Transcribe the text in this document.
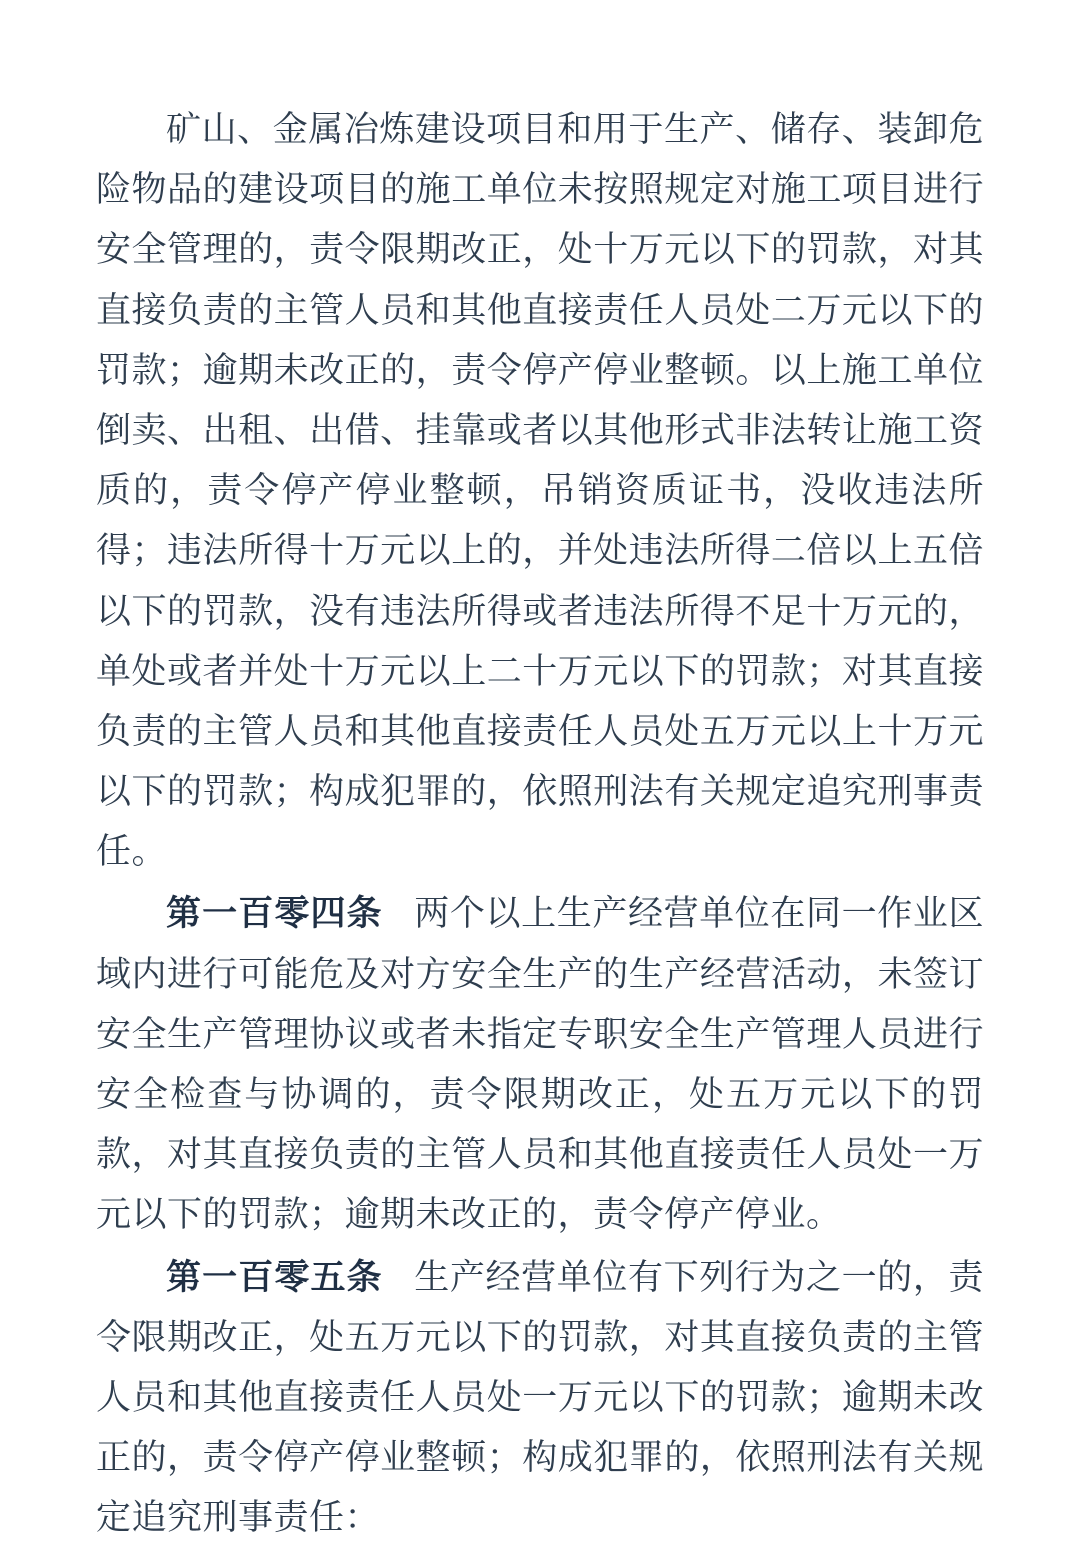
矿山、金属冶炼建设项目和用于生产、储存、装卸危险物品的建设项目的施工单位未按照规定对施工项目进行安全管理的，责令限期改正，处十万元以下的罚款，对其直接负责的主管人员和其他直接责任人员处二万元以下的罚款；逾期未改正的，责令停产停业整顿。以上施工单位倒卖、出租、出借、挂靠或者以其他形式非法转让施工资质的，责令停产停业整顿，吊销资质证书，没收违法所得；违法所得十万元以上的，并处违法所得二倍以上五倍以下的罚款，没有违法所得或者违法所得不足十万元的，单处或者并处十万元以上二十万元以下的罚款；对其直接负责的主管人员和其他直接责任人员处五万元以上十万元以下的罚款；构成犯罪的，依照刑法有关规定追究刑事责任。

第一百零四条 两个以上生产经营单位在同一作业区域内进行可能危及对方安全生产的生产经营活动，未签订安全生产管理协议或者未指定专职安全生产管理人员进行安全检查与协调的，责令限期改正，处五万元以下的罚款，对其直接负责的主管人员和其他直接责任人员处一万元以下的罚款；逾期未改正的，责令停产停业。

第一百零五条 生产经营单位有下列行为之一的，责令限期改正，处五万元以下的罚款，对其直接负责的主管人员和其他直接责任人员处一万元以下的罚款；逾期未改正的，责令停产停业整顿；构成犯罪的，依照刑法有关规定追究刑事责任：
